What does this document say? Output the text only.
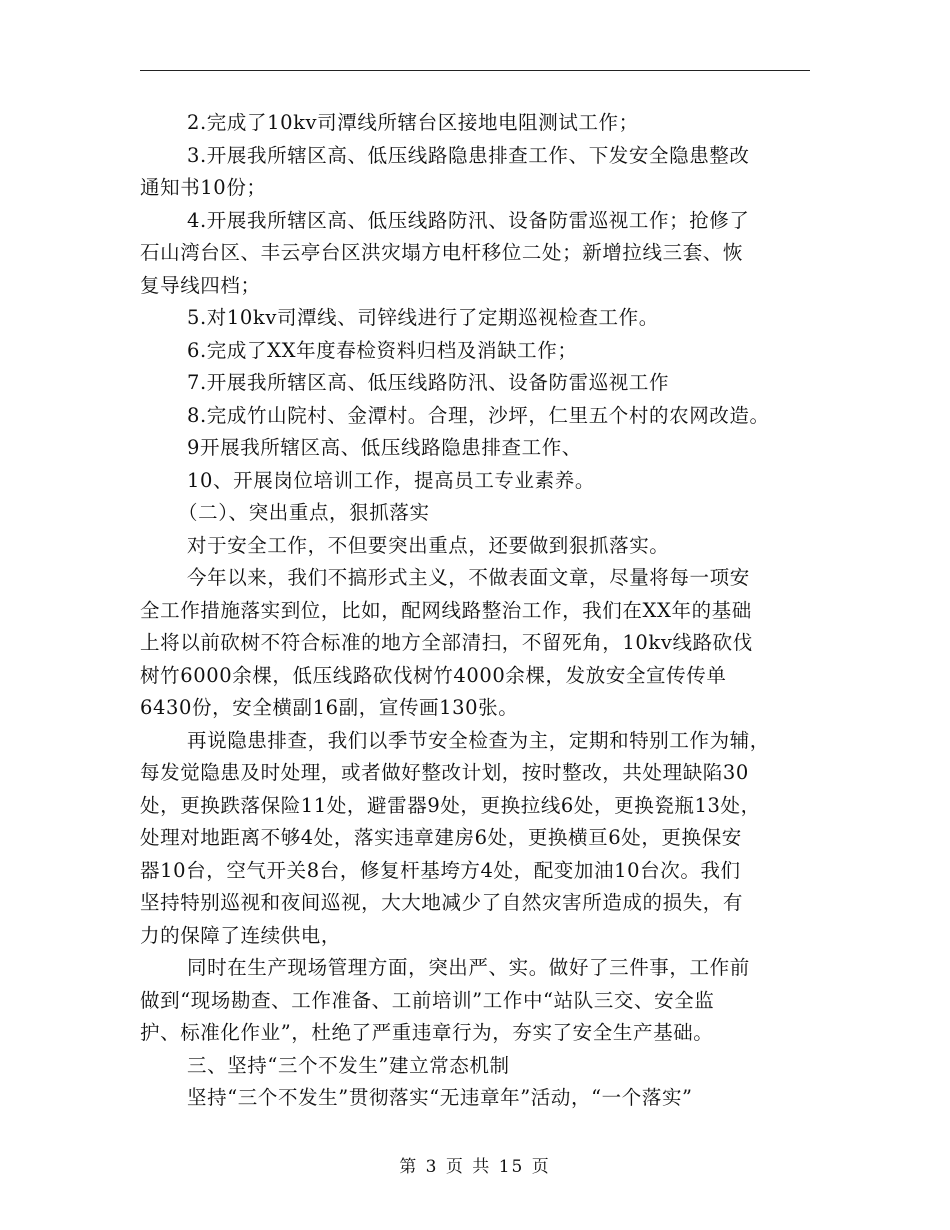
2.完成了10kv司潭线所辖台区接地电阻测试工作；
3.开展我所辖区高、低压线路隐患排查工作、下发安全隐患整改
通知书10份；
4.开展我所辖区高、低压线路防汛、设备防雷巡视工作；抢修了
石山湾台区、丰云亭台区洪灾塌方电杆移位二处；新增拉线三套、恢
复导线四档；
5.对10kv司潭线、司锌线进行了定期巡视检查工作。
6.完成了XX年度春检资料归档及消缺工作；
7.开展我所辖区高、低压线路防汛、设备防雷巡视工作
8.完成竹山院村、金潭村。合理，沙坪，仁里五个村的农网改造。
9开展我所辖区高、低压线路隐患排查工作、
10、开展岗位培训工作，提高员工专业素养。
（二）、突出重点，狠抓落实
对于安全工作，不但要突出重点，还要做到狠抓落实。
今年以来，我们不搞形式主义，不做表面文章，尽量将每一项安
全工作措施落实到位，比如，配网线路整治工作，我们在XX年的基础
上将以前砍树不符合标准的地方全部清扫，不留死角，10kv线路砍伐
树竹6000余棵，低压线路砍伐树竹4000余棵，发放安全宣传传单
6430份，安全横副16副，宣传画130张。
再说隐患排查，我们以季节安全检查为主，定期和特别工作为辅，
每发觉隐患及时处理，或者做好整改计划，按时整改，共处理缺陷30
处，更换跌落保险11处，避雷器9处，更换拉线6处，更换瓷瓶13处，
处理对地距离不够4处，落实违章建房6处，更换横亘6处，更换保安
器10台，空气开关8台，修复杆基垮方4处，配变加油10台次。我们
坚持特别巡视和夜间巡视，大大地减少了自然灾害所造成的损失，有
力的保障了连续供电，
同时在生产现场管理方面，突出严、实。做好了三件事，工作前
做到“现场勘查、工作准备、工前培训”工作中“站队三交、安全监
护、标准化作业”，杜绝了严重违章行为，夯实了安全生产基础。
三、坚持“三个不发生”建立常态机制
坚持“三个不发生”贯彻落实“无违章年”活动，“一个落实”
第 3 页 共 15 页
